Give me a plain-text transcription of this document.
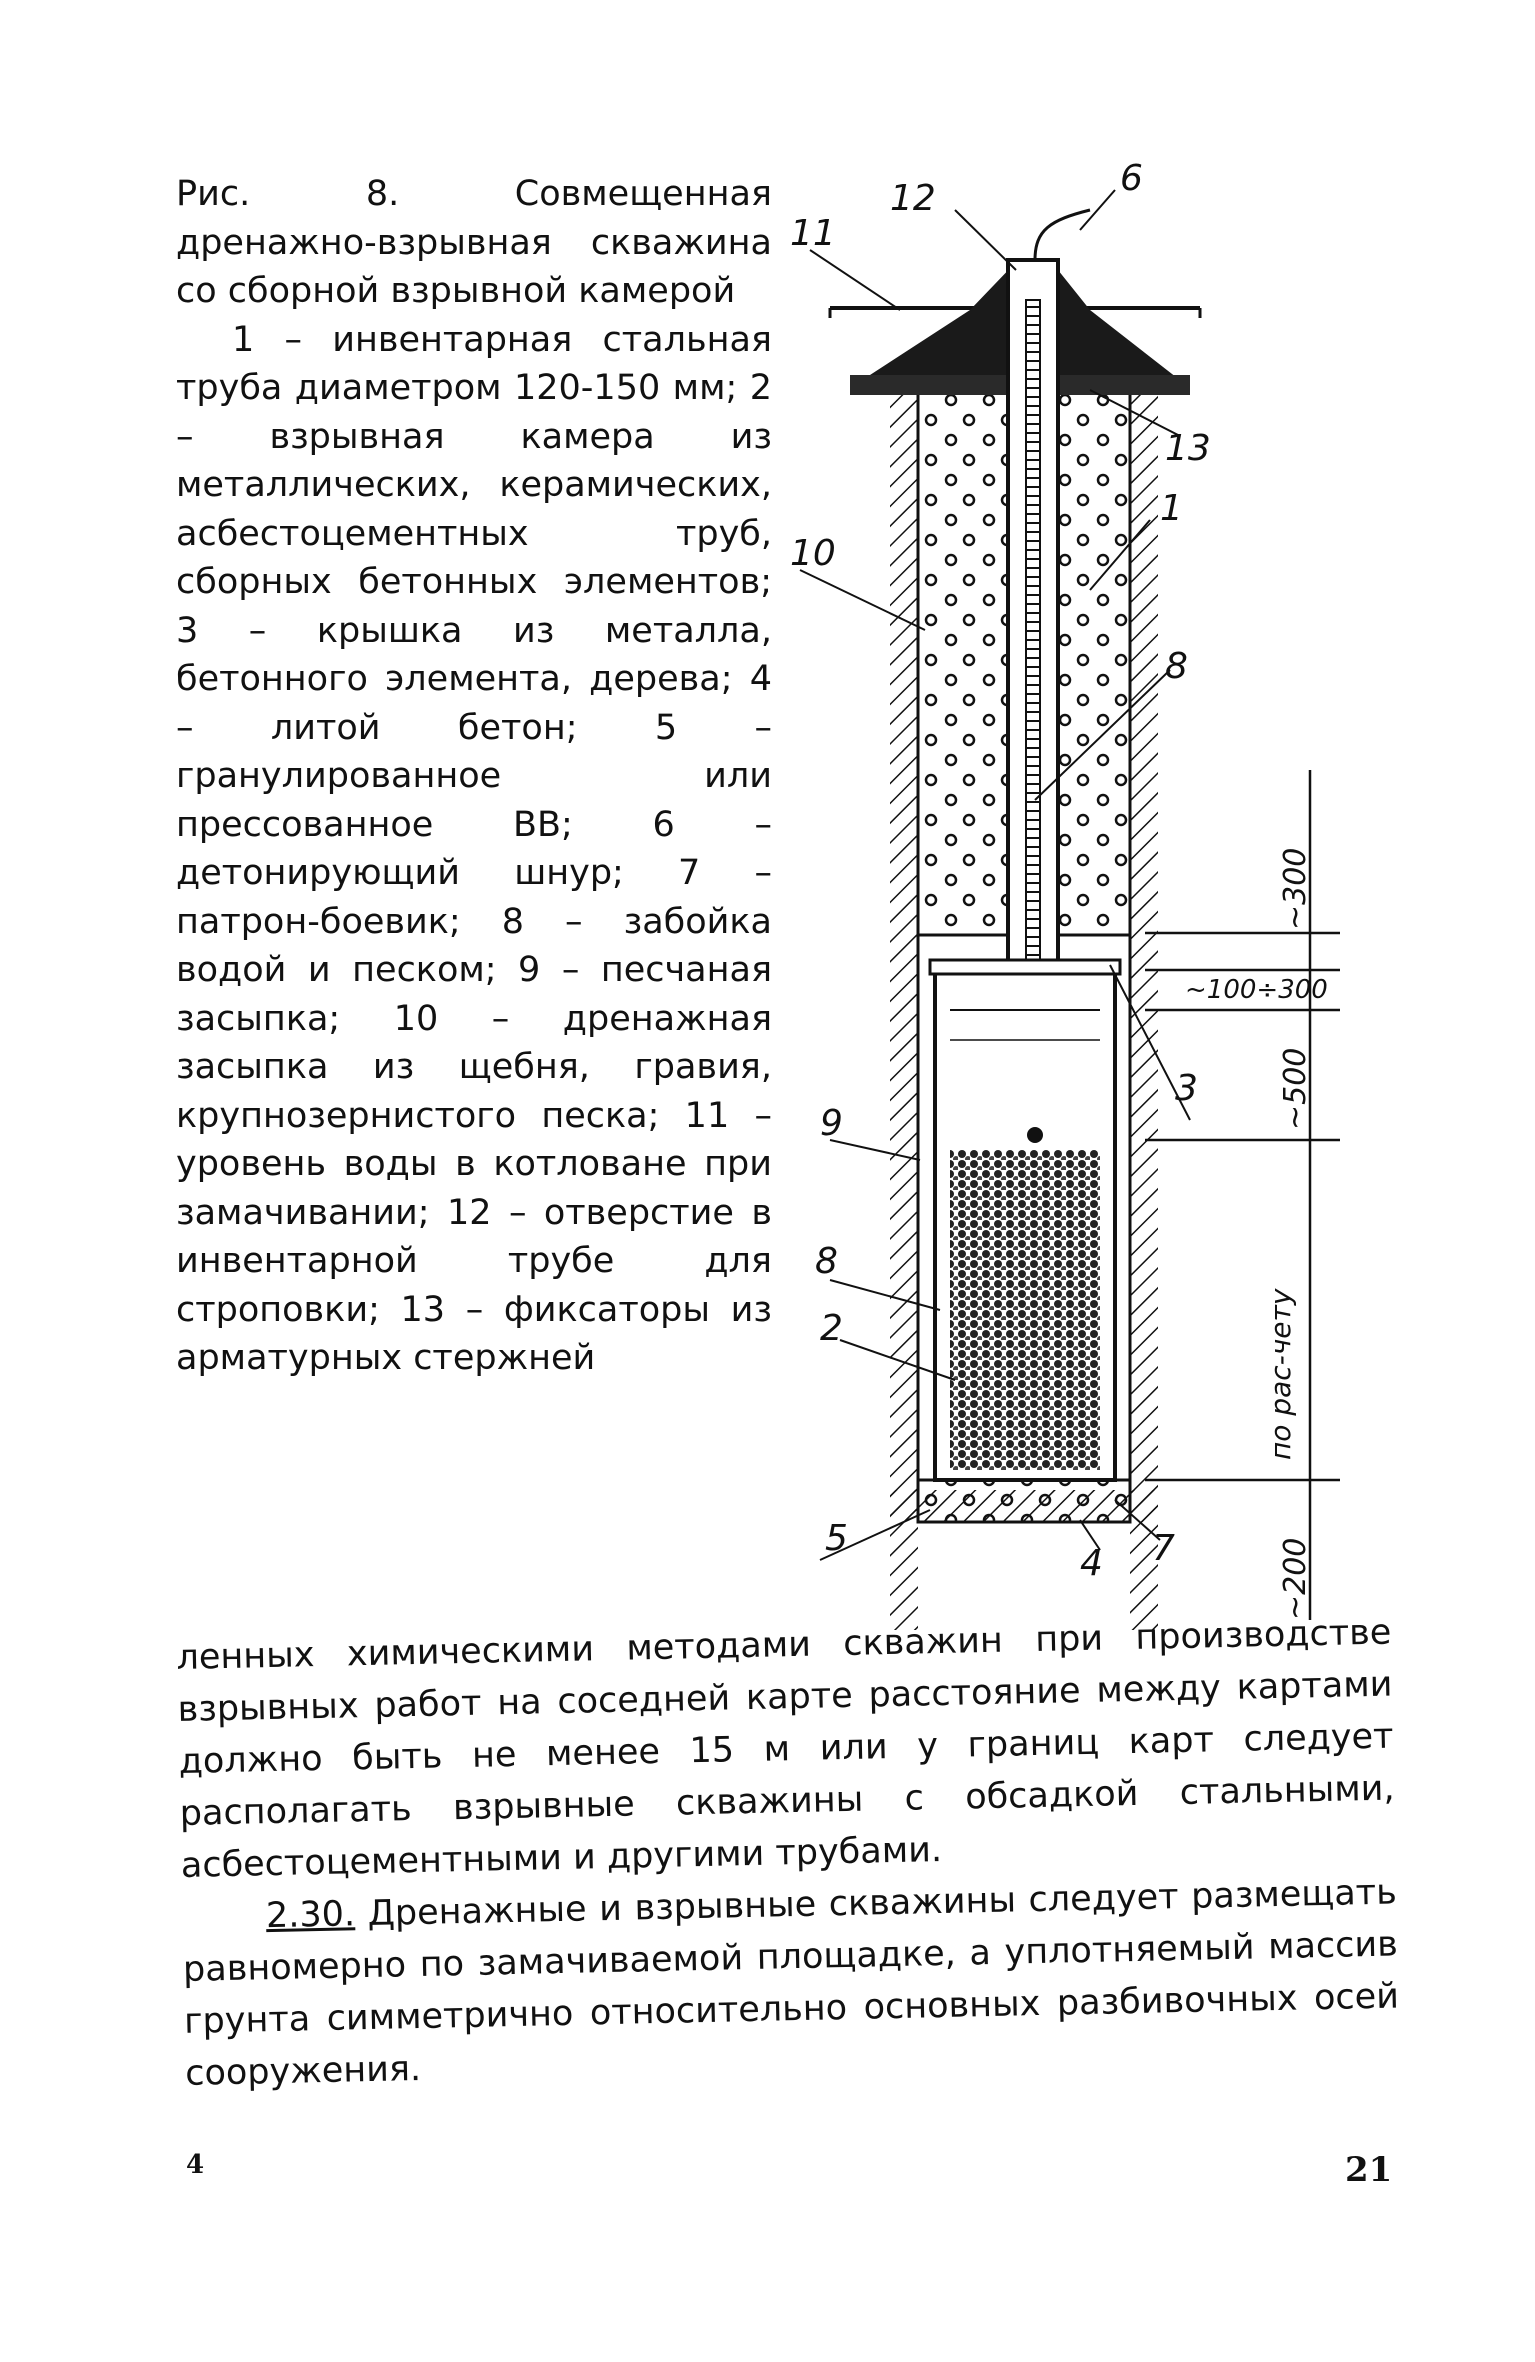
Рис. 8. Совмещенная дренажно-взрывная скважина со сборной взрывной камерой

1 – инвентарная стальная труба диаметром 120-150 мм; 2 – взрывная камера из металлических, керамических, асбестоцементных труб, сборных бетонных элементов; 3 – крышка из металла, бетонного элемента, дерева; 4 – литой бетон; 5 – гранулированное или прессованное ВВ; 6 – детонирующий шнур; 7 – патрон-боевик; 8 – забойка водой и песком; 9 – песчаная засыпка; 10 – дренажная засыпка из щебня, гравия, крупнозернистого песка; 11 – уровень воды в котловане при замачивании; 12 – отверстие в инвентарной трубе для строповки; 13 – фиксаторы из арматурных стержней

1
2
3
4
5
6
7
8
8
9
10
11
12
13
~300
~100÷300
~500
по рас-чету
~200

ленных химическими методами скважин при производстве взрывных работ на соседней карте расстояние между картами должно быть не менее 15 м или у границ карт следует располагать взрывные скважины с обсадкой стальными, асбестоцементными и другими трубами.

2.30. Дренажные и взрывные скважины следует размещать равномерно по замачиваемой площадке, а уплотняемый массив грунта симметрично относительно основных разбивочных осей сооружения.

4	21
